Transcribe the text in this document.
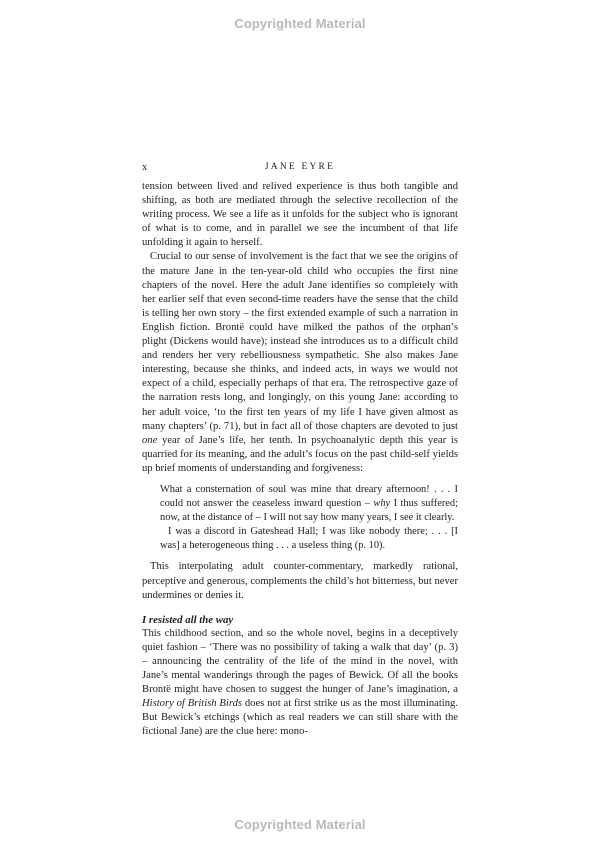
Copyrighted Material
x	JANE EYRE

tension between lived and relived experience is thus both tangible and shifting, as both are mediated through the selective recollection of the writing process. We see a life as it unfolds for the subject who is ignorant of what is to come, and in parallel we see the incumbent of that life unfolding it again to herself.

Crucial to our sense of involvement is the fact that we see the origins of the mature Jane in the ten-year-old child who occupies the first nine chapters of the novel. Here the adult Jane identifies so completely with her earlier self that even second-time readers have the sense that the child is telling her own story – the first extended example of such a narration in English fiction. Brontë could have milked the pathos of the orphan’s plight (Dickens would have); instead she introduces us to a difficult child and renders her very rebelliousness sympathetic. She also makes Jane interesting, because she thinks, and indeed acts, in ways we would not expect of a child, especially perhaps of that era. The retrospective gaze of the narration rests long, and longingly, on this young Jane: according to her adult voice, ‘to the first ten years of my life I have given almost as many chapters’ (p. 71), but in fact all of those chapters are devoted to just one year of Jane’s life, her tenth. In psychoanalytic depth this year is quarried for its meaning, and the adult’s focus on the past child-self yields up brief moments of understanding and forgiveness:

What a consternation of soul was mine that dreary afternoon! . . . I could not answer the ceaseless inward question – why I thus suffered; now, at the distance of – I will not say how many years, I see it clearly.

I was a discord in Gateshead Hall; I was like nobody there; . . . [I was] a heterogeneous thing . . . a useless thing (p. 10).

This interpolating adult counter-commentary, markedly rational, perceptive and generous, complements the child’s hot bitterness, but never undermines or denies it.

I resisted all the way

This childhood section, and so the whole novel, begins in a deceptively quiet fashion – ‘There was no possibility of taking a walk that day’ (p. 3) – announcing the centrality of the life of the mind in the novel, with Jane’s mental wanderings through the pages of Bewick. Of all the books Brontë might have chosen to suggest the hunger of Jane’s imagination, a History of British Birds does not at first strike us as the most illuminating. But Bewick’s etchings (which as real readers we can still share with the fictional Jane) are the clue here: mono-

Copyrighted Material
